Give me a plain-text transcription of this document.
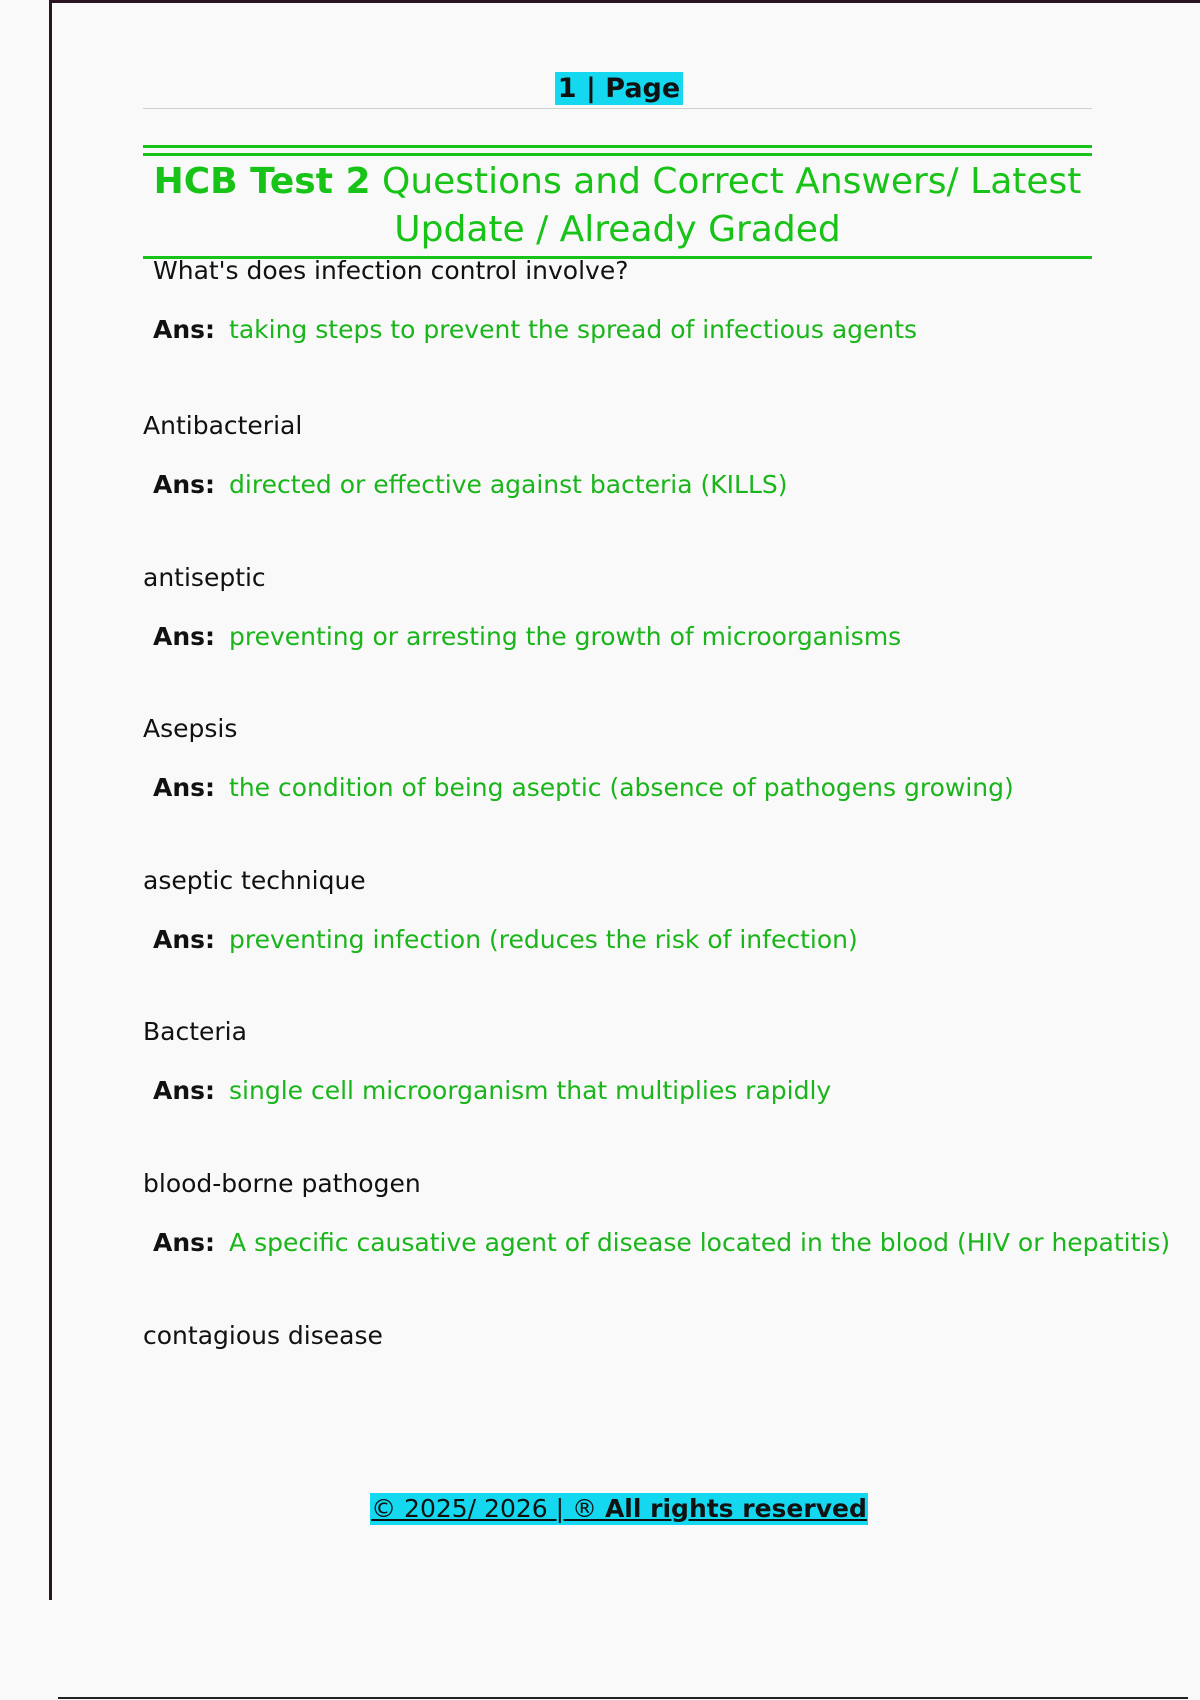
1 | Page
HCB Test 2 Questions and Correct Answers/ Latest Update / Already Graded
What's does infection control involve?
Ans: taking steps to prevent the spread of infectious agents
Antibacterial
Ans: directed or effective against bacteria (KILLS)
antiseptic
Ans: preventing or arresting the growth of microorganisms
Asepsis
Ans: the condition of being aseptic (absence of pathogens growing)
aseptic technique
Ans: preventing infection (reduces the risk of infection)
Bacteria
Ans: single cell microorganism that multiplies rapidly
blood-borne pathogen
Ans: A specific causative agent of disease located in the blood (HIV or hepatitis)
contagious disease
© 2025/ 2026 | ® All rights reserved
